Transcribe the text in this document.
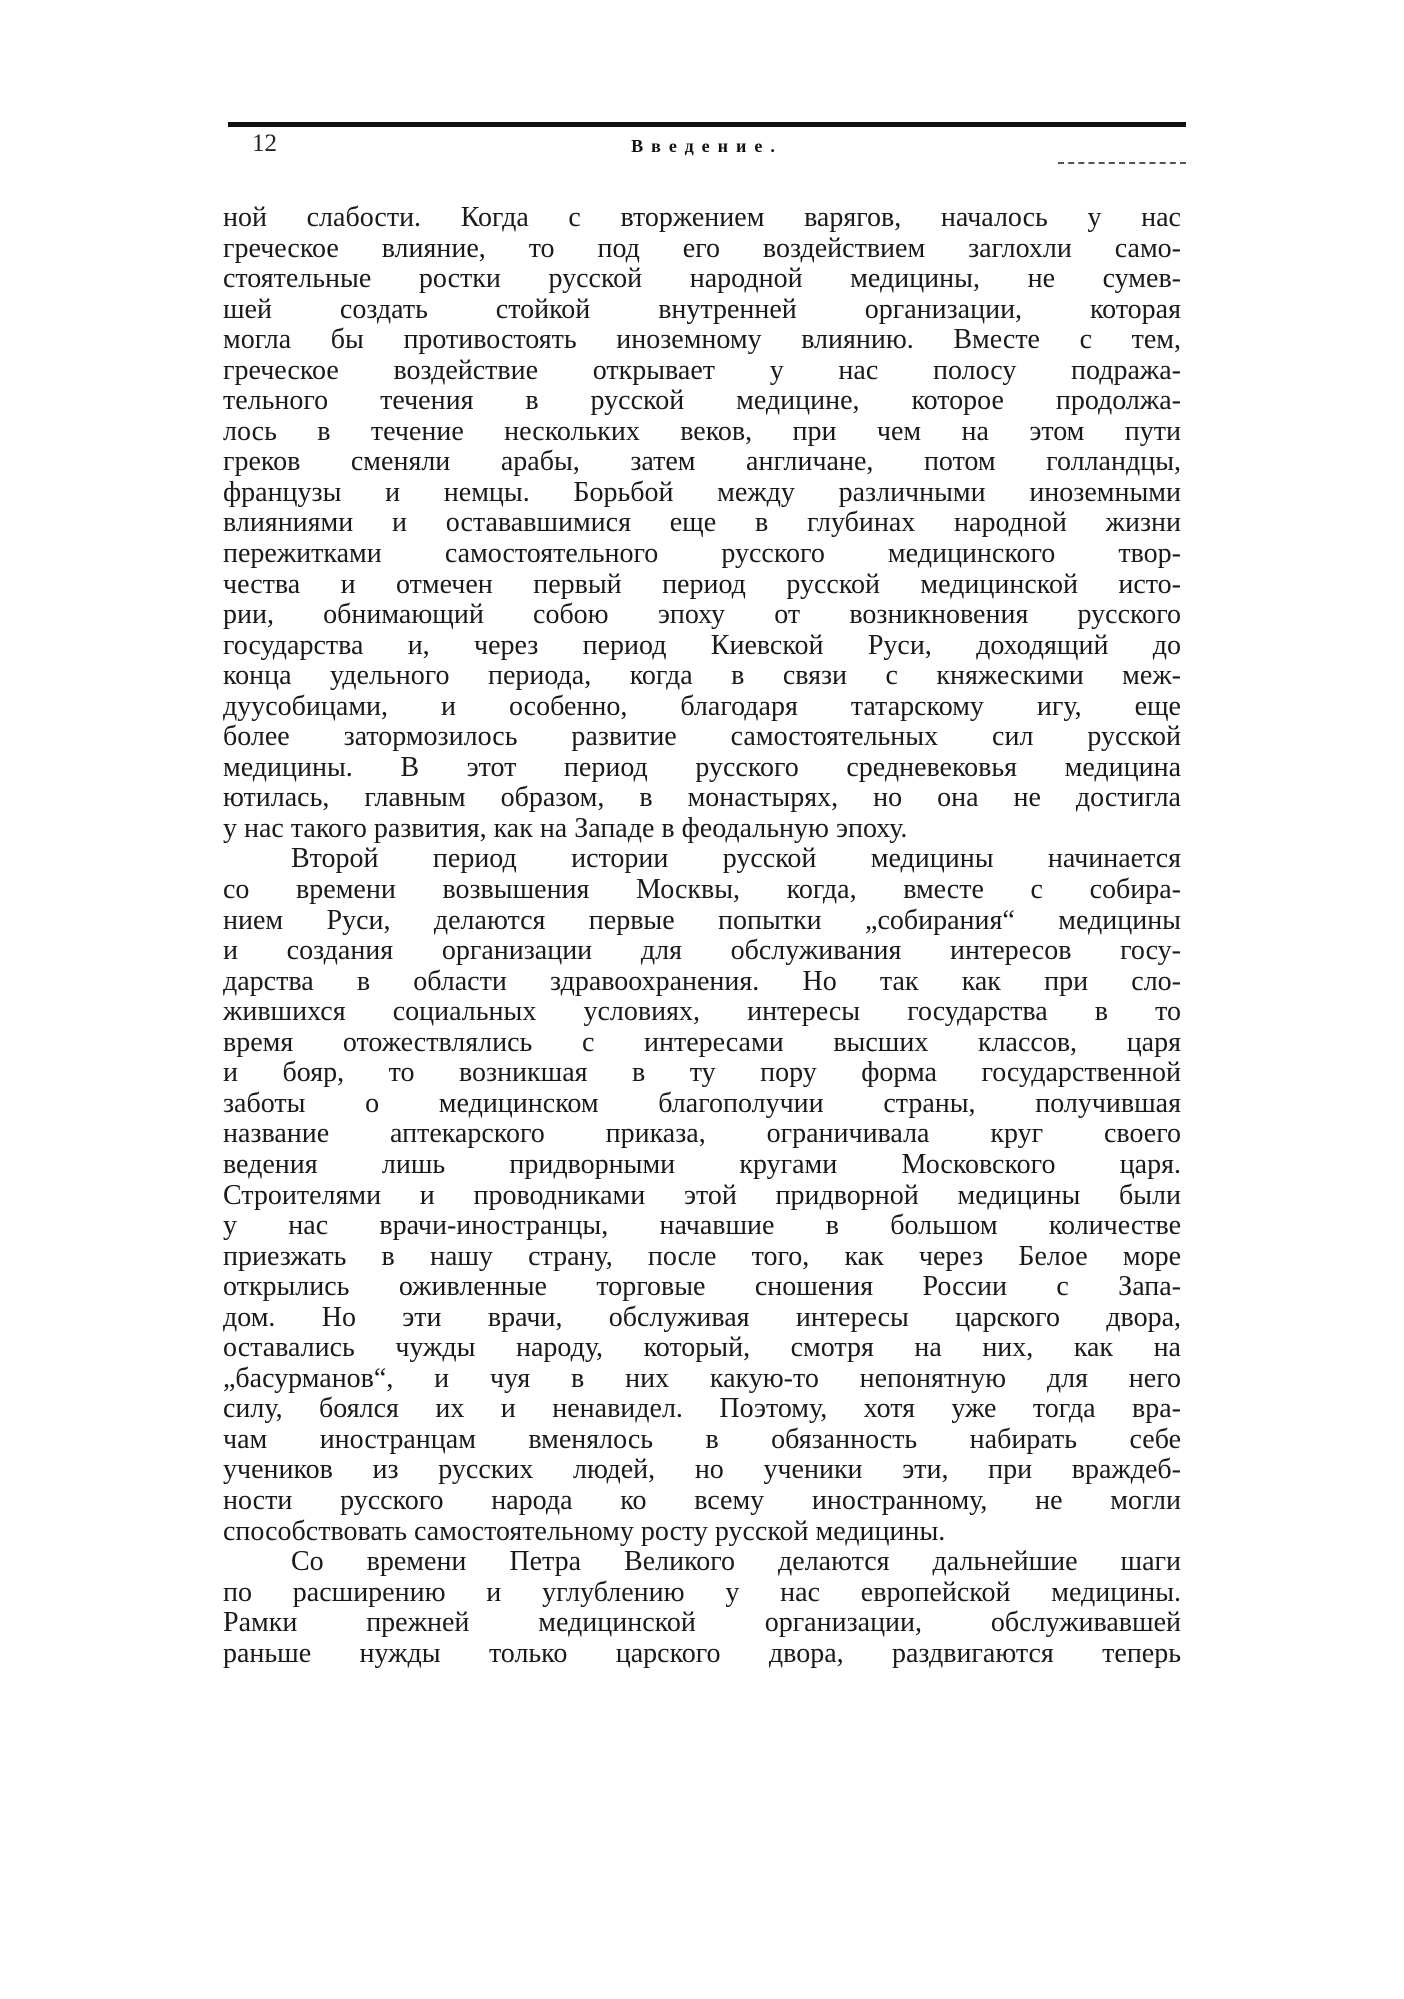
12	Введение.
ной слабости. Когда с вторжением варягов, началось у нас
греческое влияние, то под его воздействием заглохли само-
стоятельные ростки русской народной медицины, не сумев-
шей создать стойкой внутренней организации, которая
могла бы противостоять иноземному влиянию. Вместе с тем,
греческое воздействие открывает у нас полосу подража-
тельного течения в русской медицине, которое продолжа-
лось в течение нескольких веков, при чем на этом пути
греков сменяли арабы, затем англичане, потом голландцы,
французы и немцы. Борьбой между различными иноземными
влияниями и остававшимися еще в глубинах народной жизни
пережитками самостоятельного русского медицинского твор-
чества и отмечен первый период русской медицинской исто-
рии, обнимающий собою эпоху от возникновения русского
государства и, через период Киевской Руси, доходящий до
конца удельного периода, когда в связи с княжескими меж-
дуусобицами, и особенно, благодаря татарскому игу, еще
более затормозилось развитие самостоятельных сил русской
медицины. В этот период русского средневековья медицина
ютилась, главным образом, в монастырях, но она не достигла
у нас такого развития, как на Западе в феодальную эпоху.
Второй период истории русской медицины начинается
со времени возвышения Москвы, когда, вместе с собира-
нием Руси, делаются первые попытки „собирания“ медицины
и создания организации для обслуживания интересов госу-
дарства в области здравоохранения. Но так как при сло-
жившихся социальных условиях, интересы государства в то
время отожествлялись с интересами высших классов, царя
и бояр, то возникшая в ту пору форма государственной
заботы о медицинском благополучии страны, получившая
название аптекарского приказа, ограничивала круг своего
ведения лишь придворными кругами Московского царя.
Строителями и проводниками этой придворной медицины были
у нас врачи-иностранцы, начавшие в большом количестве
приезжать в нашу страну, после того, как через Белое море
открылись оживленные торговые сношения России с Запа-
дом. Но эти врачи, обслуживая интересы царского двора,
оставались чужды народу, который, смотря на них, как на
„басурманов“, и чуя в них какую-то непонятную для него
силу, боялся их и ненавидел. Поэтому, хотя уже тогда вра-
чам иностранцам вменялось в обязанность набирать себе
учеников из русских людей, но ученики эти, при враждеб-
ности русского народа ко всему иностранному, не могли
способствовать самостоятельному росту русской медицины.
Со времени Петра Великого делаются дальнейшие шаги
по расширению и углублению у нас европейской медицины.
Рамки прежней медицинской организации, обслуживавшей
раньше нужды только царского двора, раздвигаются теперь
